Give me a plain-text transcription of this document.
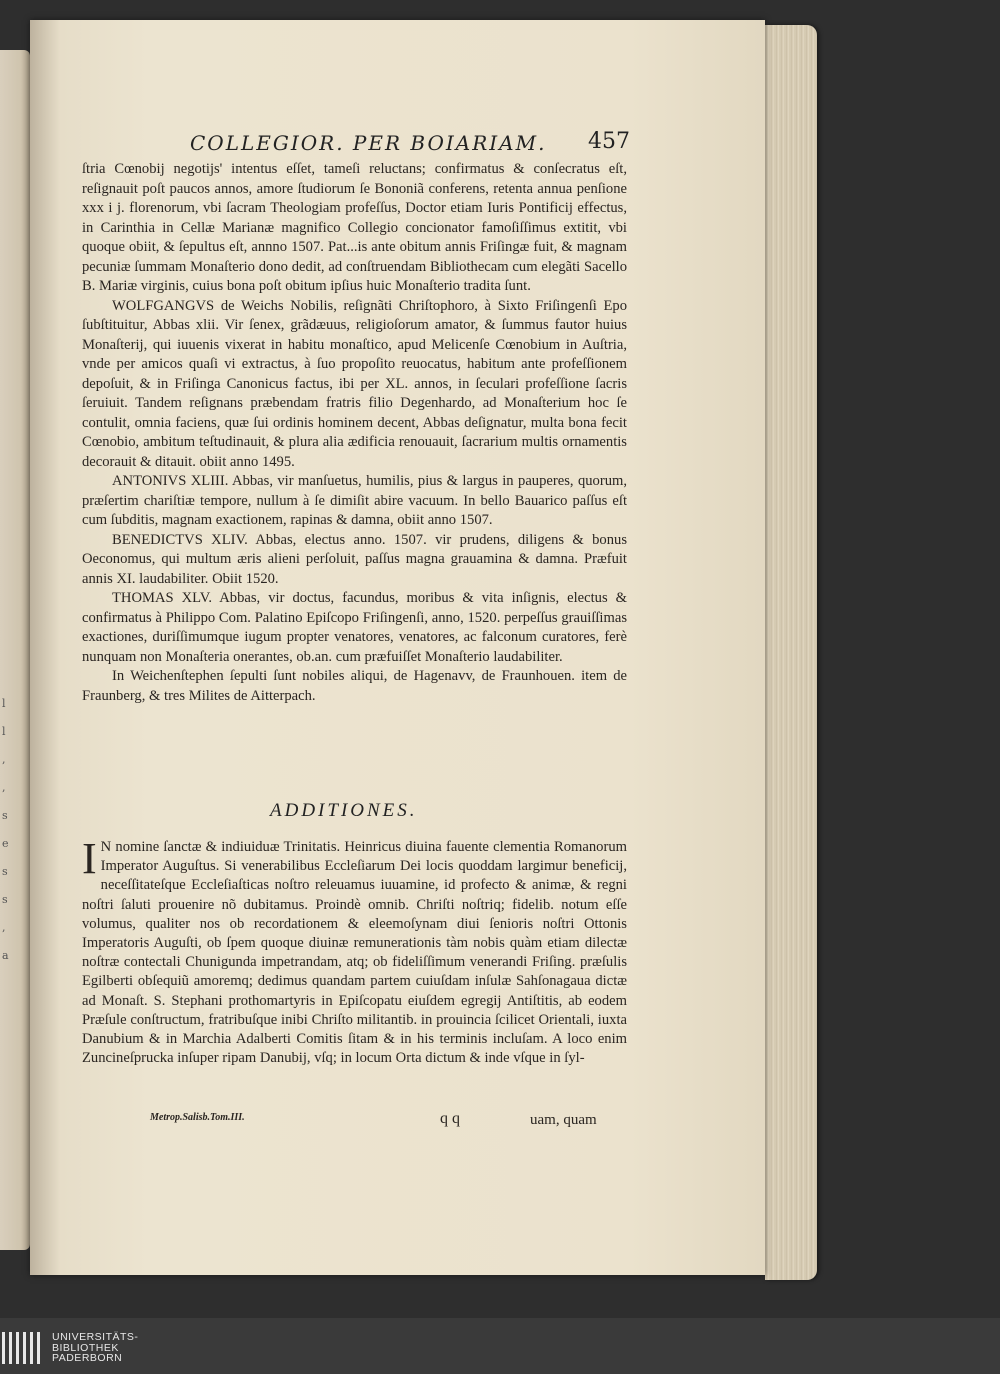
l
l
,
,
s
e
s
s
,
a
COLLEGIOR. PER BOIARIAM. 457

ſtria Cœnobij negotijs' intentus eſſet, tameſi reluctans; confirmatus & conſecratus eſt, reſignauit poſt paucos annos, amore ſtudiorum ſe Bononiã conferens, retenta annua penſione xxx i j. florenorum, vbi ſacram Theologiam profeſſus, Doctor etiam Iuris Pontificij effectus, in Carinthia in Cellæ Marianæ magnifico Collegio concionator famoſiſſimus extitit, vbi quoque obiit, & ſepultus eſt, annno 1507. Pat...is ante obitum annis Friſingæ fuit, & magnam pecuniæ ſummam Monaſterio dono dedit, ad conſtruendam Bibliothecam cum elegãti Sacello B. Mariæ virginis, cuius bona poſt obitum ipſius huic Monaſterio tradita ſunt.

WOLFGANGVS de Weichs Nobilis, reſignãti Chriſtophoro, à Sixto Friſingenſi Epo ſubſtituitur, Abbas xlii. Vir ſenex, grãdæuus, religioſorum amator, & ſummus fautor huius Monaſterij, qui iuuenis vixerat in habitu monaſtico, apud Melicenſe Cœnobium in Auſtria, vnde per amicos quaſi vi extractus, à ſuo propoſito reuocatus, habitum ante profeſſionem depoſuit, & in Friſinga Canonicus factus, ibi per XL. annos, in ſeculari profeſſione ſacris ſeruiuit. Tandem reſignans præbendam fratris filio Degenhardo, ad Monaſterium hoc ſe contulit, omnia faciens, quæ ſui ordinis hominem decent, Abbas deſignatur, multa bona fecit Cœnobio, ambitum teſtudinauit, & plura alia ædificia renouauit, ſacrarium multis ornamentis decorauit & ditauit. obiit anno 1495.

ANTONIVS XLIII. Abbas, vir manſuetus, humilis, pius & largus in pauperes, quorum, præſertim chariſtiæ tempore, nullum à ſe dimiſit abire vacuum. In bello Bauarico paſſus eſt cum ſubditis, magnam exactionem, rapinas & damna, obiit anno 1507.

BENEDICTVS XLIV. Abbas, electus anno. 1507. vir prudens, diligens & bonus Oeconomus, qui multum æris alieni perſoluit, paſſus magna grauamina & damna. Præfuit annis XI. laudabiliter. Obiit 1520.

THOMAS XLV. Abbas, vir doctus, facundus, moribus & vita inſignis, electus & confirmatus à Philippo Com. Palatino Epiſcopo Friſingenſi, anno, 1520. perpeſſus grauiſſimas exactiones, duriſſimumque iugum propter venatores, venatores, ac falconum curatores, ferè nunquam non Monaſteria onerantes, ob.an. cum præfuiſſet Monaſterio laudabiliter.

In Weichenſtephen ſepulti ſunt nobiles aliqui, de Hagenavv, de Fraunhouen. item de Fraunberg, & tres Milites de Aitterpach.

ADDITIONES.

I N nomine ſanctæ & indiuiduæ Trinitatis. Heinricus diuina fauente clementia Romanorum Imperator Auguſtus. Si venerabilibus Eccleſiarum Dei locis quoddam largimur beneficij, neceſſitateſque Eccleſiaſticas noſtro releuamus iuuamine, id profecto & animæ, & regni noſtri ſaluti prouenire nõ dubitamus. Proindè omnib. Chriſti noſtriq; fidelib. notum eſſe volumus, qualiter nos ob recordationem & eleemoſynam diui ſenioris noſtri Ottonis Imperatoris Auguſti, ob ſpem quoque diuinæ remunerationis tàm nobis quàm etiam dilectæ noſtræ contectali Chunigunda impetrandam, atq; ob fideliſſimum venerandi Friſing. præſulis Egilberti obſequiũ amoremq; dedimus quandam partem cuiuſdam inſulæ Sahſonagaua dictæ ad Monaſt. S. Stephani prothomartyris in Epiſcopatu eiuſdem egregij Antiſtitis, ab eodem Præſule conſtructum, fratribuſque inibi Chriſto militantib. in prouincia ſcilicet Orientali, iuxta Danubium & in Marchia Adalberti Comitis ſitam & in his terminis incluſam. A loco enim Zuncineſprucka inſuper ripam Danubij, vſq; in locum Orta dictum & inde vſque in ſyl-

Metrop.Salisb.Tom.III.	q q	uam, quam
UNIVERSITÄTS-
BIBLIOTHEK
PADERBORN
